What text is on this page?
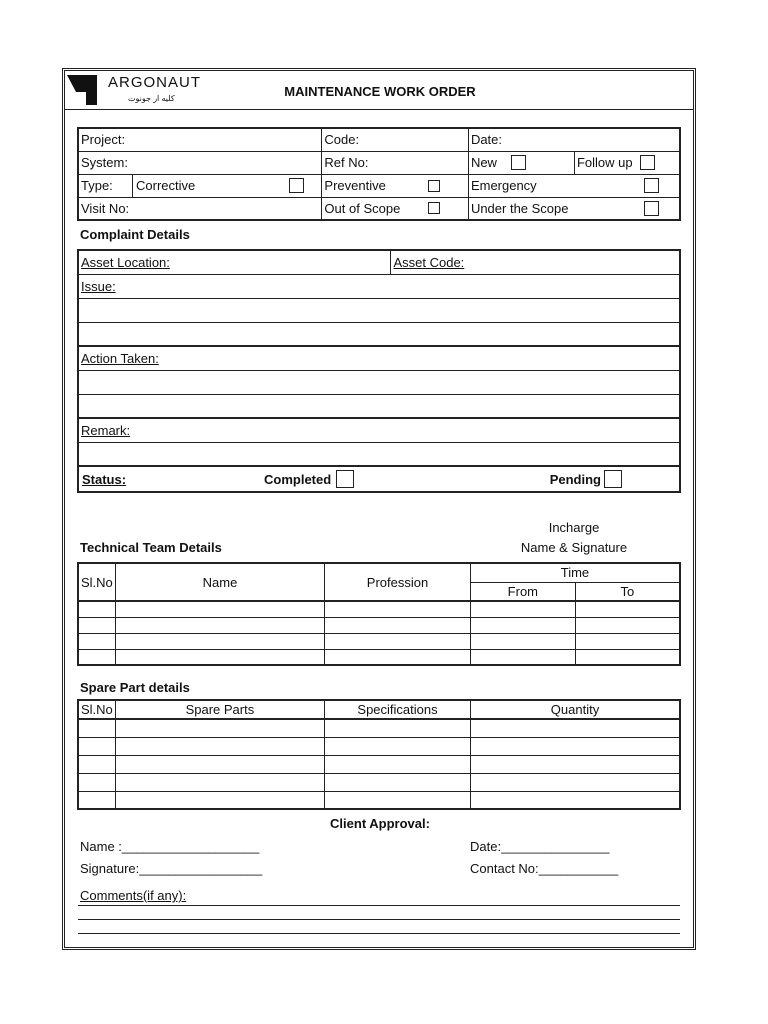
ARGONAUT
كليه ار جونوت	MAINTENANCE WORK ORDER
Project:	Code:	Date:
System:	Ref No:	New Follow up

Type: Corrective	Preventive	Emergency

Visit No:	Out of Scope	Under the Scope
Complaint Details
Asset Location:	Asset Code:
Issue:

Action Taken:

Remark:

Status:	Completed	Pending
Incharge
Name & Signature
Technical Team Details
Sl.No	Name	Profession	Time	
			From	To

Spare Part details
Sl.No	Spare Parts	Specifications	Quantity

Client Approval:
Name :___________________	Date:_______________
Signature:_________________	Contact No:___________
Comments(if any):
